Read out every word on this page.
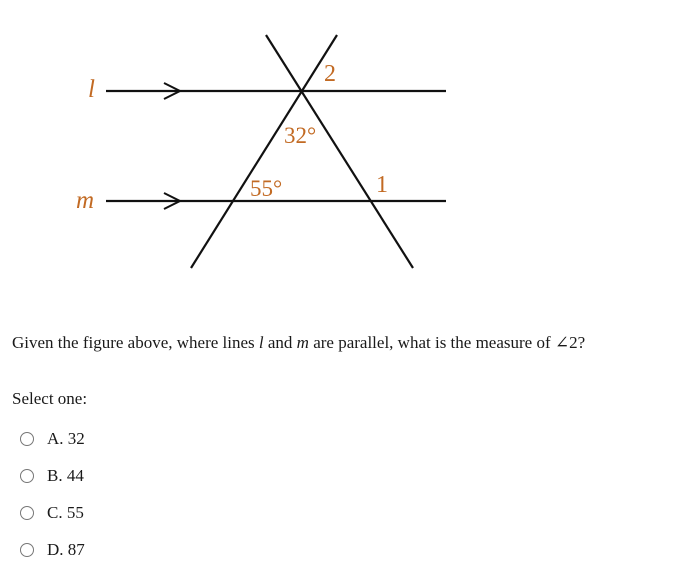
l
m
2
32°
55°	1
Given the figure above, where lines l and m are parallel, what is the measure of ∠2?
Select one:
A. 32
B. 44
C. 55
D. 87
